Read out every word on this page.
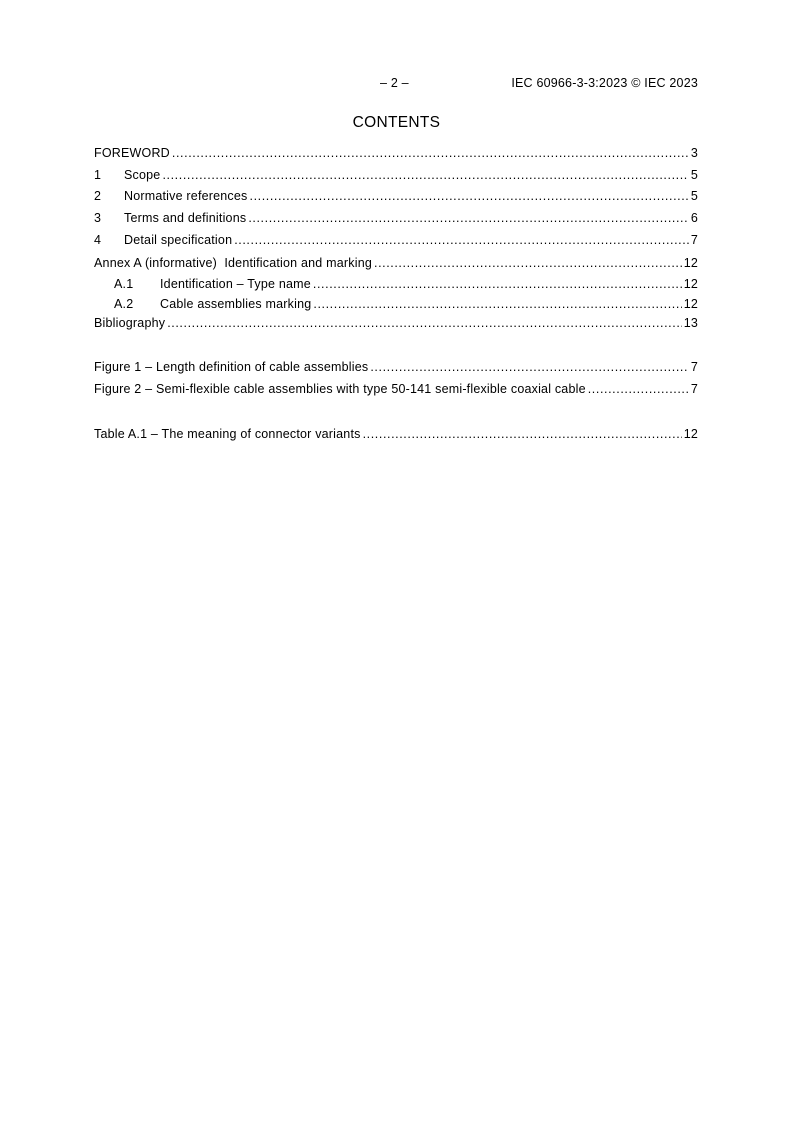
– 2 –	IEC 60966-3-3:2023 © IEC 2023
CONTENTS
FOREWORD .....	3
1	Scope .....	5
2	Normative references .....	5
3	Terms and definitions .....	6
4	Detail specification .....	7
Annex A (informative)  Identification and marking .....	12
A.1	Identification – Type name .....	12
A.2	Cable assemblies marking .....	12
Bibliography .....	13
Figure 1 – Length definition of cable assemblies .....	7
Figure 2 – Semi-flexible cable assemblies with type 50-141 semi-flexible coaxial cable .....	7
Table A.1 – The meaning of connector variants .....	12
